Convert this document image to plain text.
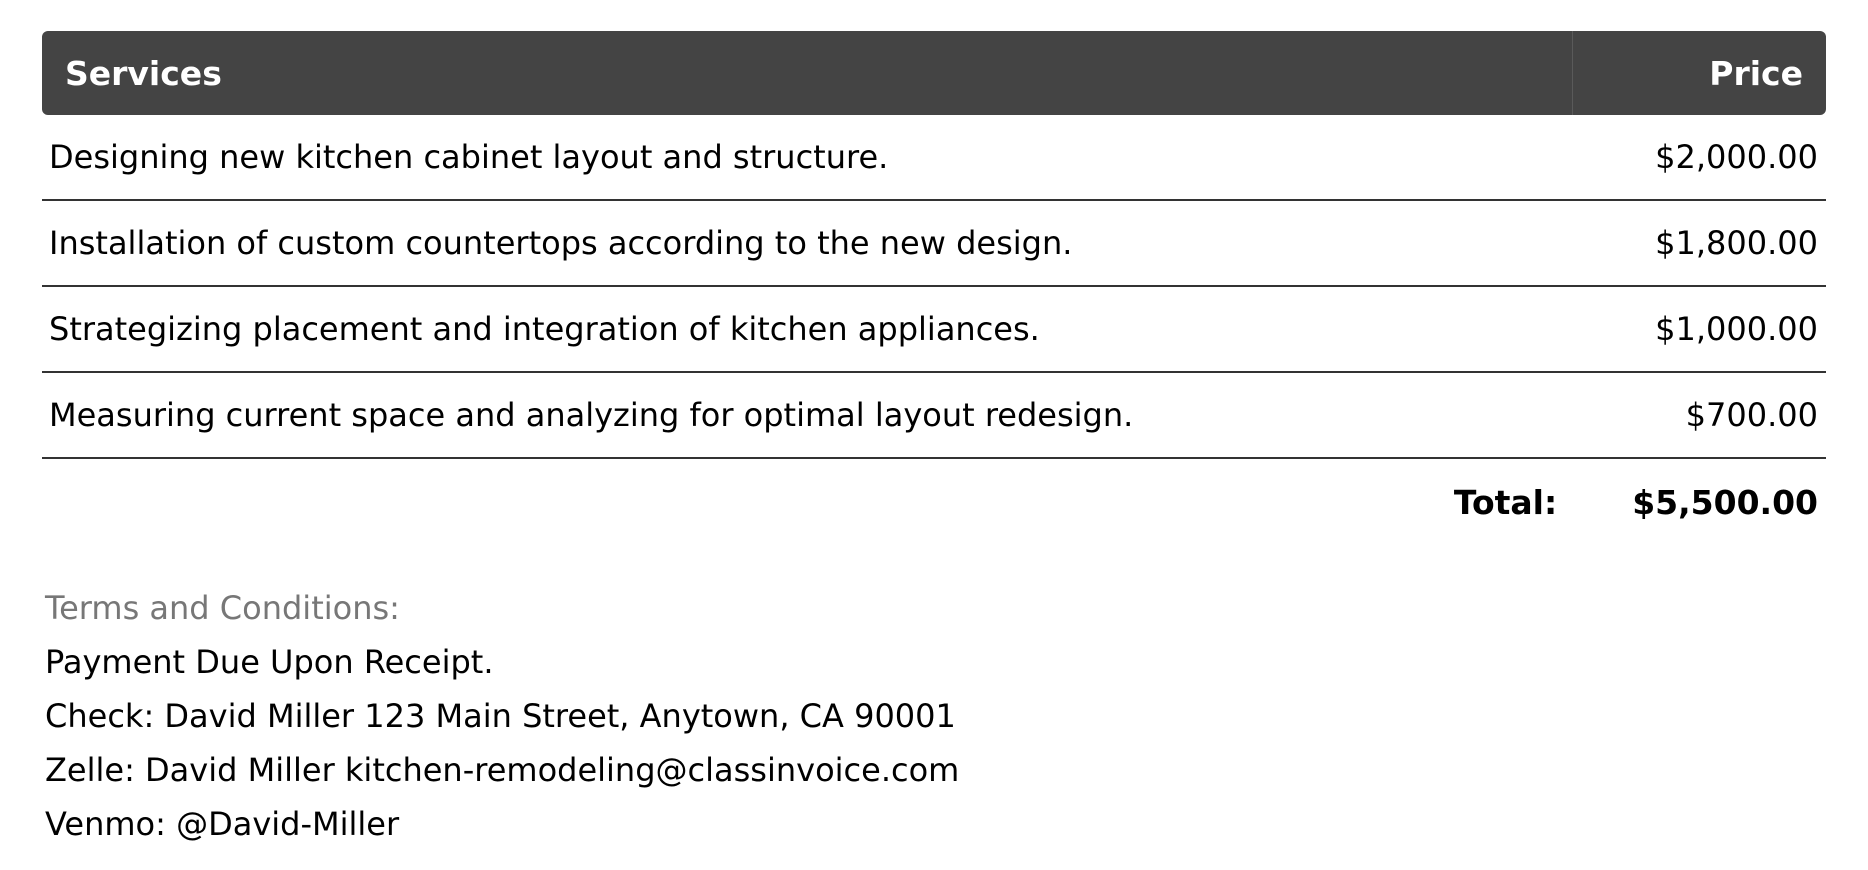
Services	Price
Designing new kitchen cabinet layout and structure.	$2,000.00
Installation of custom countertops according to the new design.	$1,800.00
Strategizing placement and integration of kitchen appliances.	$1,000.00
Measuring current space and analyzing for optimal layout redesign.	$700.00
Total: $5,500.00
Terms and Conditions:
Payment Due Upon Receipt.
Check: David Miller 123 Main Street, Anytown, CA 90001
Zelle: David Miller kitchen-remodeling@classinvoice.com
Venmo: @David-Miller
